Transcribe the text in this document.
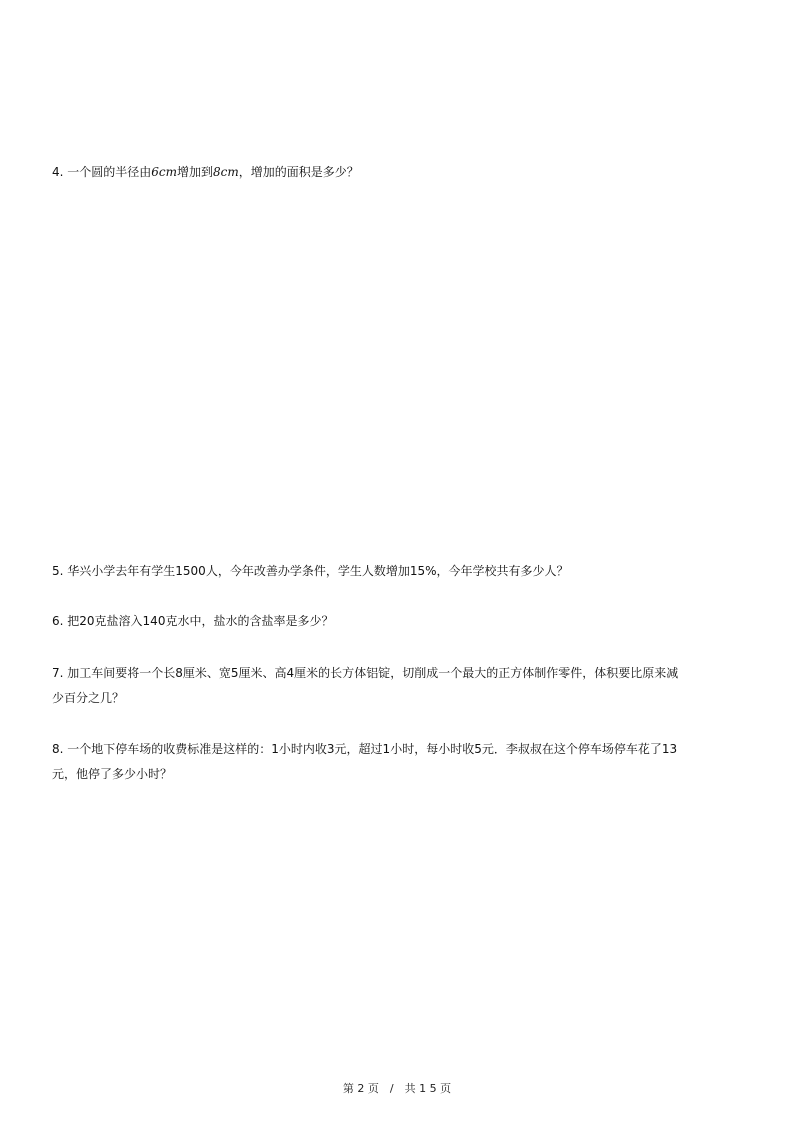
4. 一个圆的半径由6cm增加到8cm，增加的面积是多少？

5. 华兴小学去年有学生1500人，今年改善办学条件，学生人数增加15%，今年学校共有多少人？

6. 把20克盐溶入140克水中，盐水的含盐率是多少？

7. 加工车间要将一个长8厘米、宽5厘米、高4厘米的长方体铝锭，切削成一个最大的正方体制作零件，体积要比原来减
少百分之几？

8. 一个地下停车场的收费标准是这样的：1小时内收3元，超过1小时，每小时收5元．李叔叔在这个停车场停车花了13
元，他停了多少小时？

第 2 页　/　共 1 5 页
